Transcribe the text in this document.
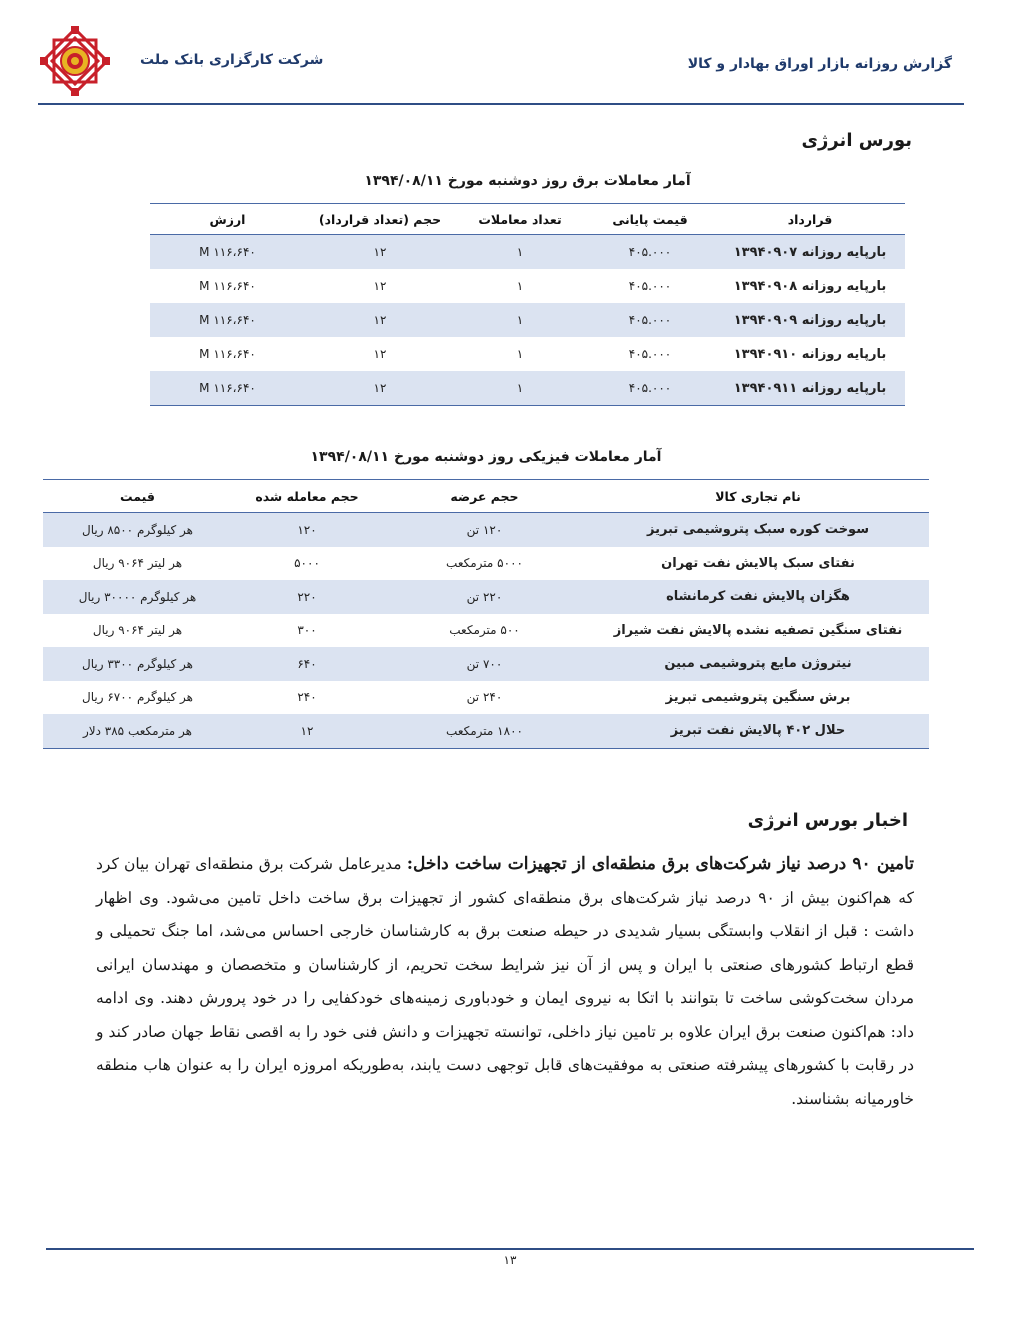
شرکت کارگزاری بانک ملت	گزارش روزانه بازار اوراق بهادار و کالا
بورس انرژی
آمار معاملات برق روز دوشنبه مورخ ۱۳۹۴/۰۸/۱۱
قرارداد	قیمت پایانی	تعداد معاملات	حجم (تعداد قرارداد)	ارزش
بارپایه روزانه ۱۳۹۴۰۹۰۷	۴۰۵.۰۰۰	۱	۱۲	۱۱۶،۶۴۰ M
بارپایه روزانه ۱۳۹۴۰۹۰۸	۴۰۵.۰۰۰	۱	۱۲	۱۱۶،۶۴۰ M
بارپایه روزانه ۱۳۹۴۰۹۰۹	۴۰۵.۰۰۰	۱	۱۲	۱۱۶،۶۴۰ M
بارپایه روزانه ۱۳۹۴۰۹۱۰	۴۰۵.۰۰۰	۱	۱۲	۱۱۶،۶۴۰ M
بارپایه روزانه ۱۳۹۴۰۹۱۱	۴۰۵.۰۰۰	۱	۱۲	۱۱۶،۶۴۰ M
آمار معاملات فیزیکی روز دوشنبه مورخ ۱۳۹۴/۰۸/۱۱
نام تجاری کالا	حجم عرضه	حجم معامله شده	قیمت
سوخت کوره سبک پتروشیمی تبریز	۱۲۰ تن	۱۲۰	هر کیلوگرم ۸۵۰۰ ریال
نفتای سبک پالایش نفت تهران	۵۰۰۰ مترمکعب	۵۰۰۰	هر لیتر ۹۰۶۴ ریال
هگزان پالایش نفت کرمانشاه	۲۲۰ تن	۲۲۰	هر کیلوگرم ۳۰۰۰۰ ریال
نفتای سنگین تصفیه نشده پالایش نفت شیراز	۵۰۰ مترمکعب	۳۰۰	هر لیتر ۹۰۶۴ ریال
نیتروژن مایع پتروشیمی مبین	۷۰۰ تن	۶۴۰	هر کیلوگرم ۳۳۰۰ ریال
برش سنگین پتروشیمی تبریز	۲۴۰ تن	۲۴۰	هر کیلوگرم ۶۷۰۰ ریال
حلال ۴۰۲ پالایش نفت تبریز	۱۸۰۰ مترمکعب	۱۲	هر مترمکعب ۳۸۵ دلار
اخبار بورس انرژی
تامین ۹۰ درصد نیاز شرکت‌های برق منطقه‌ای از تجهیزات ساخت داخل: مدیرعامل شرکت برق منطقه‌ای تهران بیان کرد که هم‌اکنون بیش از ۹۰ درصد نیاز شرکت‌های برق منطقه‌ای کشور از تجهیزات برق ساخت داخل تامین می‌شود. وی اظهار داشت : قبل از انقلاب وابستگی بسیار شدیدی در حیطه صنعت برق به کارشناسان خارجی احساس می‌شد، اما جنگ تحمیلی و قطع ارتباط کشورهای صنعتی با ایران و پس از آن نیز شرایط سخت تحریم، از کارشناسان و متخصصان و مهندسان ایرانی مردان سخت‌کوشی ساخت تا بتوانند با اتکا به نیروی ایمان و خودباوری زمینه‌های خودکفایی را در خود پرورش دهند. وی ادامه داد: هم‌اکنون صنعت برق ایران علاوه بر تامین نیاز داخلی، توانسته تجهیزات و دانش فنی خود را به اقصی نقاط جهان صادر کند و در رقابت با کشورهای پیشرفته صنعتی به موفقیت‌های قابل توجهی دست یابند، به‌طوریکه امروزه ایران را به عنوان هاب منطقه خاورمیانه بشناسند.
۱۳
